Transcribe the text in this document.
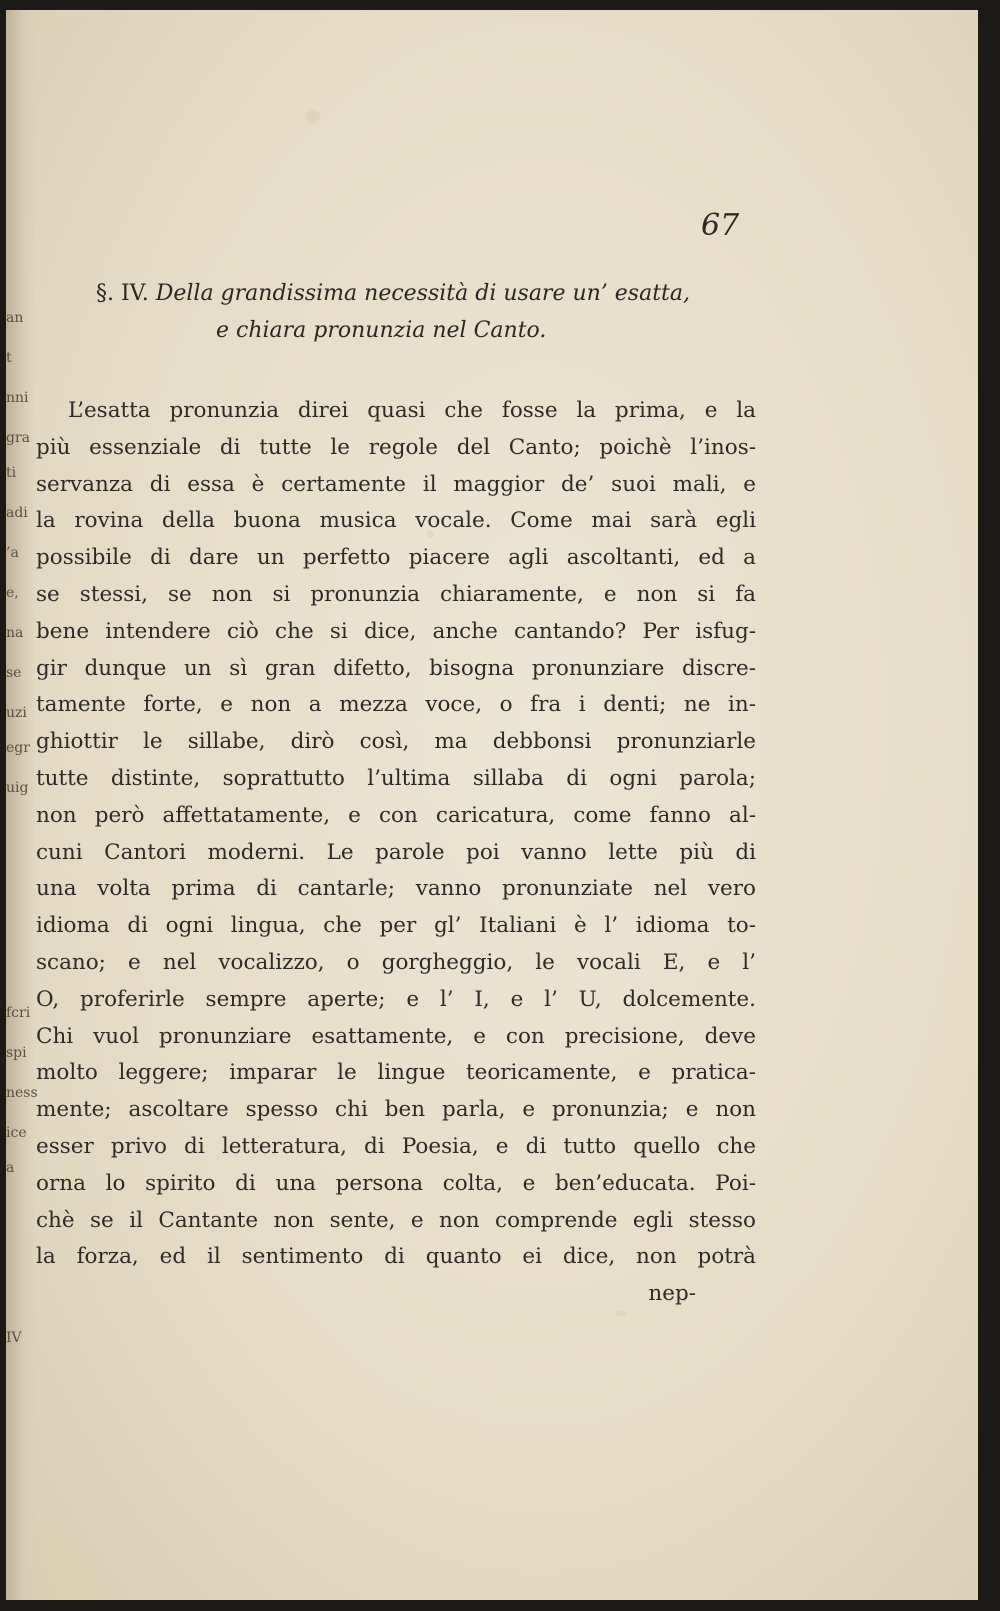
an
t
nni
gra
ti
adi
’a
e,
na
se
uzi
egr
uig
fcri
spi
ness
ice
a
IV
67
§. IV. Della grandissima necessità di usare un’ esatta,
e chiara pronunzia nel Canto.
L’esatta pronunzia direi quasi che fosse la prima, e la
più essenziale di tutte le regole del Canto; poichè l’inos-
servanza di essa è certamente il maggior de’ suoi mali, e
la rovina della buona musica vocale. Come mai sarà egli
possibile di dare un perfetto piacere agli ascoltanti, ed a
se stessi, se non si pronunzia chiaramente, e non si fa
bene intendere ciò che si dice, anche cantando? Per isfug-
gir dunque un sì gran difetto, bisogna pronunziare discre-
tamente forte, e non a mezza voce, o fra i denti; ne in-
ghiottir le sillabe, dirò così, ma debbonsi pronunziarle
tutte distinte, soprattutto l’ultima sillaba di ogni parola;
non però affettatamente, e con caricatura, come fanno al-
cuni Cantori moderni. Le parole poi vanno lette più di
una volta prima di cantarle; vanno pronunziate nel vero
idioma di ogni lingua, che per gl’ Italiani è l’ idioma to-
scano; e nel vocalizzo, o gorgheggio, le vocali E, e l’
O, proferirle sempre aperte; e l’ I, e l’ U, dolcemente.
Chi vuol pronunziare esattamente, e con precisione, deve
molto leggere; imparar le lingue teoricamente, e pratica-
mente; ascoltare spesso chi ben parla, e pronunzia; e non
esser privo di letteratura, di Poesia, e di tutto quello che
orna lo spirito di una persona colta, e ben’educata. Poi-
chè se il Cantante non sente, e non comprende egli stesso
la forza, ed il sentimento di quanto ei dice, non potrà
nep-
